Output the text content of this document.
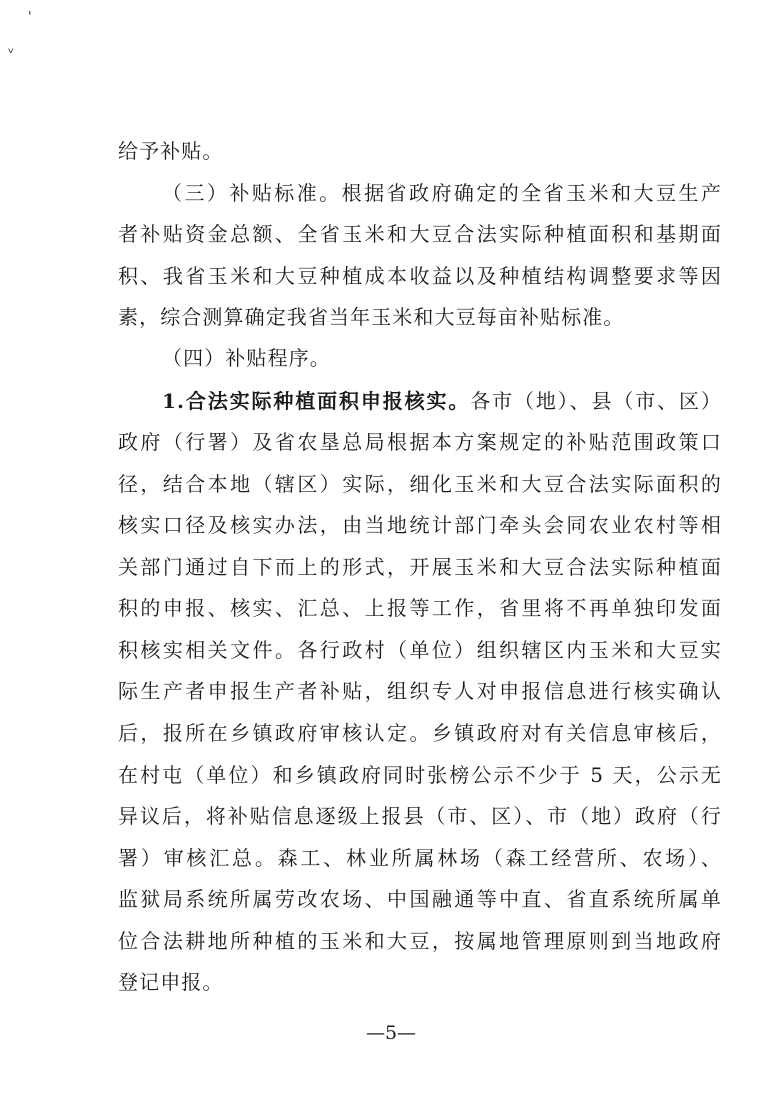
'
ᵛ
给予补贴。
（三）补贴标准。根据省政府确定的全省玉米和大豆生产
者补贴资金总额、全省玉米和大豆合法实际种植面积和基期面
积、我省玉米和大豆种植成本收益以及种植结构调整要求等因
素，综合测算确定我省当年玉米和大豆每亩补贴标准。
（四）补贴程序。
1.合法实际种植面积申报核实。各市（地）、县（市、区）
政府（行署）及省农垦总局根据本方案规定的补贴范围政策口
径，结合本地（辖区）实际，细化玉米和大豆合法实际面积的
核实口径及核实办法，由当地统计部门牵头会同农业农村等相
关部门通过自下而上的形式，开展玉米和大豆合法实际种植面
积的申报、核实、汇总、上报等工作，省里将不再单独印发面
积核实相关文件。各行政村（单位）组织辖区内玉米和大豆实
际生产者申报生产者补贴，组织专人对申报信息进行核实确认
后，报所在乡镇政府审核认定。乡镇政府对有关信息审核后，
在村屯（单位）和乡镇政府同时张榜公示不少于 5 天，公示无
异议后，将补贴信息逐级上报县（市、区）、市（地）政府（行
署）审核汇总。森工、林业所属林场（森工经营所、农场）、
监狱局系统所属劳改农场、中国融通等中直、省直系统所属单
位合法耕地所种植的玉米和大豆，按属地管理原则到当地政府
登记申报。
—5—
